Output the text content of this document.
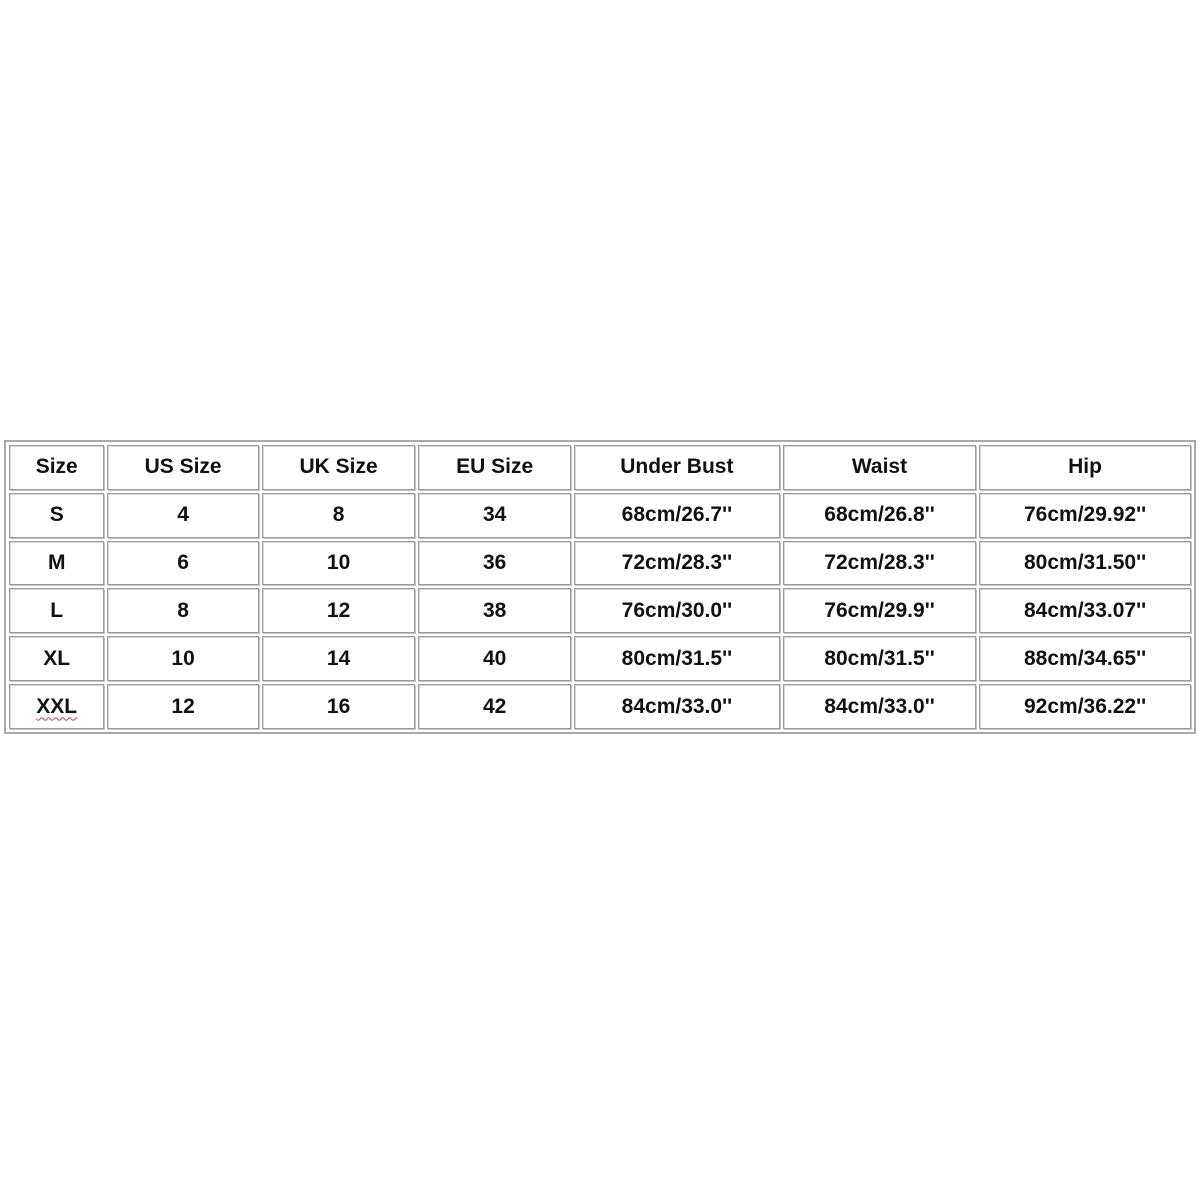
Size	US Size	UK Size	EU Size	Under Bust	Waist	Hip
S	4	8	34	68cm/26.7''	68cm/26.8''	76cm/29.92''
M	6	10	36	72cm/28.3''	72cm/28.3''	80cm/31.50''
L	8	12	38	76cm/30.0''	76cm/29.9''	84cm/33.07''
XL	10	14	40	80cm/31.5''	80cm/31.5''	88cm/34.65''
XXL	12	16	42	84cm/33.0''	84cm/33.0''	92cm/36.22''
